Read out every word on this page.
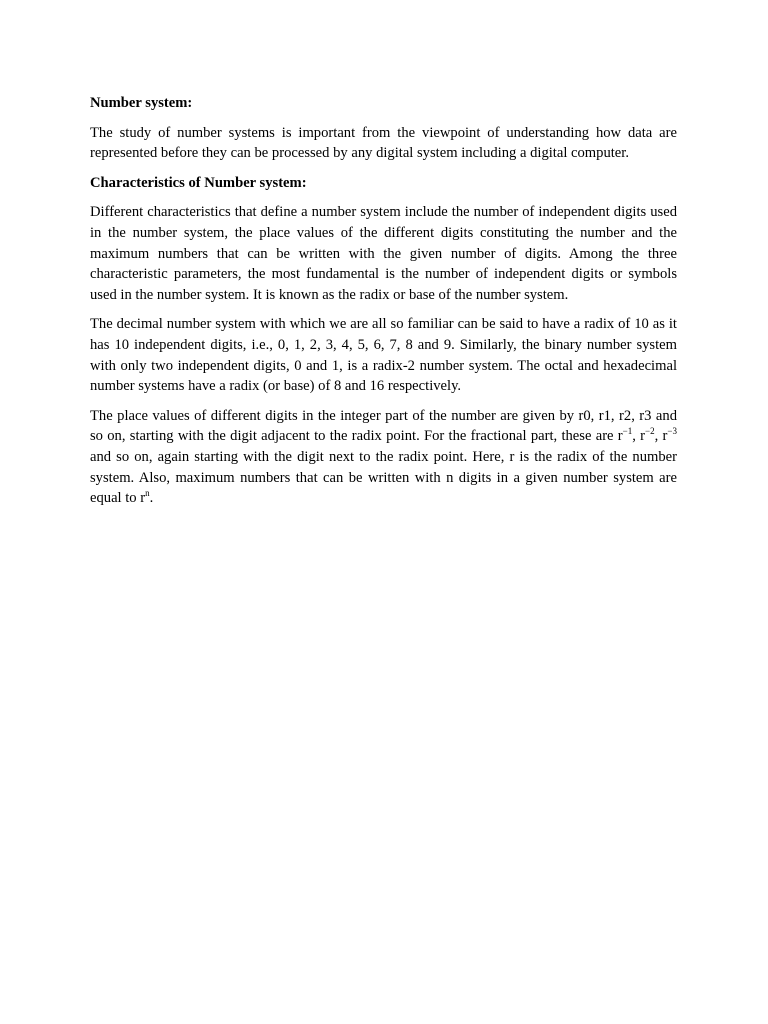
Number system:

The study of number systems is important from the viewpoint of understanding how data are represented before they can be processed by any digital system including a digital computer.

Characteristics of Number system:

Different characteristics that define a number system include the number of independent digits used in the number system, the place values of the different digits constituting the number and the maximum numbers that can be written with the given number of digits. Among the three characteristic parameters, the most fundamental is the number of independent digits or symbols used in the number system. It is known as the radix or base of the number system.

The decimal number system with which we are all so familiar can be said to have a radix of 10 as it has 10 independent digits, i.e., 0, 1, 2, 3, 4, 5, 6, 7, 8 and 9. Similarly, the binary number system with only two independent digits, 0 and 1, is a radix-2 number system. The octal and hexadecimal number systems have a radix (or base) of 8 and 16 respectively.

The place values of different digits in the integer part of the number are given by r0, r1, r2, r3 and so on, starting with the digit adjacent to the radix point. For the fractional part, these are $r^{-1}$, $r^{-2}$, $r^{-3}$ and so on, again starting with the digit next to the radix point. Here, r is the radix of the number system. Also, maximum numbers that can be written with n digits in a given number system are equal to $r^n$.
